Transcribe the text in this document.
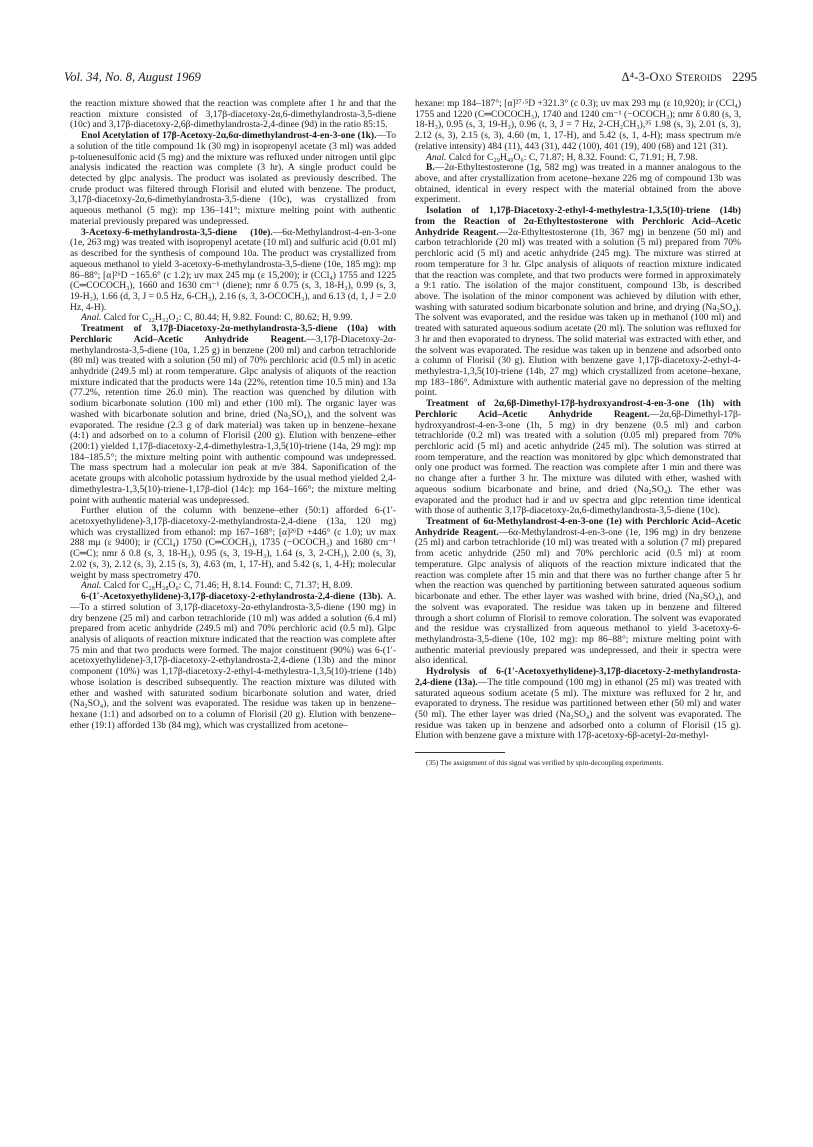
Vol. 34, No. 8, August 1969	Δ⁴-3-Oxo Steroids 2295

the reaction mixture showed that the reaction was complete after 1 hr and that the reaction mixture consisted of 3,17β-diacetoxy-2α,6-dimethylandrosta-3,5-diene (10c) and 3,17β-diacetoxy-2,6β-dimethylandrosta-2,4-dinee (9d) in the ratio 85:15.

Enol Acetylation of 17β-Acetoxy-2α,6α-dimethylandrost-4-en-3-one (1k).—To a solution of the title compound 1k (30 mg) in isopropenyl acetate (3 ml) was added p-toluenesulfonic acid (5 mg) and the mixture was refluxed under nitrogen until glpc analysis indicated the reaction was complete (3 hr). A single product could be detected by glpc analysis. The product was isolated as previously described. The crude product was filtered through Florisil and eluted with benzene. The product, 3,17β-diacetoxy-2α,6-dimethylandrosta-3,5-diene (10c), was crystallized from aqueous methanol (5 mg): mp 136–141°; mixture melting point with authentic material previously prepared was undepressed.

3-Acetoxy-6-methylandrosta-3,5-diene (10e).—6α-Methylandrost-4-en-3-one (1e, 263 mg) was treated with isopropenyl acetate (10 ml) and sulfuric acid (0.01 ml) as described for the synthesis of compound 10a. The product was crystallized from aqueous methanol to yield 3-acetoxy-6-methylandrosta-3,5-diene (10e, 185 mg): mp 86–88°; [α]²⁶D −165.6° (c 1.2); uv max 245 mμ (ε 15,200); ir (CCl₄) 1755 and 1225 (C═COCOCH₃), 1660 and 1630 cm⁻¹ (diene); nmr δ 0.75 (s, 3, 18-H₃), 0.99 (s, 3, 19-H₃), 1.66 (d, 3, J = 0.5 Hz, 6-CH₃), 2.16 (s, 3, 3-OCOCH₃), and 6.13 (d, 1, J = 2.0 Hz, 4-H).

Anal. Calcd for C₂₂H₃₂O₂: C, 80.44; H, 9.82. Found: C, 80.62; H, 9.99.

Treatment of 3,17β-Diacetoxy-2α-methylandrosta-3,5-diene (10a) with Perchloric Acid–Acetic Anhydride Reagent.—3,17β-Diacetoxy-2α-methylandrosta-3,5-diene (10a, 1.25 g) in benzene (200 ml) and carbon tetrachloride (80 ml) was treated with a solution (50 ml) of 70% perchloric acid (0.5 ml) in acetic anhydride (249.5 ml) at room temperature. Glpc analysis of aliquots of the reaction mixture indicated that the products were 14a (22%, retention time 10.5 min) and 13a (77.2%, retention time 26.0 min). The reaction was quenched by dilution with sodium bicarbonate solution (100 ml) and ether (100 ml). The organic layer was washed with bicarbonate solution and brine, dried (Na₂SO₄), and the solvent was evaporated. The residue (2.3 g of dark material) was taken up in benzene–hexane (4:1) and adsorbed on to a column of Florisil (200 g). Elution with benzene–ether (200:1) yielded 1,17β-diacetoxy-2,4-dimethylestra-1,3,5(10)-triene (14a, 29 mg): mp 184–185.5°; the mixture melting point with authentic compound was undepressed. The mass spectrum had a molecular ion peak at m/e 384. Saponification of the acetate groups with alcoholic potassium hydroxide by the usual method yielded 2,4-dimethylestra-1,3,5(10)-triene-1,17β-diol (14c): mp 164–166°; the mixture melting point with authentic material was undepressed.

Further elution of the column with benzene–ether (50:1) afforded 6-(1′-acetoxyethylidene)-3,17β-diacetoxy-2-methylandrosta-2,4-diene (13a, 120 mg) which was crystallized from ethanol: mp 167–168°; [α]²⁶D +446° (c 1.0); uv max 288 mμ (ε 9400); ir (CCl₄) 1750 (C═COCH₃), 1735 (−OCOCH₃) and 1680 cm⁻¹ (C═C); nmr δ 0.8 (s, 3, 18-H₃), 0.95 (s, 3, 19-H₃), 1.64 (s, 3, 2-CH₃), 2.00 (s, 3), 2.02 (s, 3), 2.12 (s, 3), 2.15 (s, 3), 4.63 (m, 1, 17-H), and 5.42 (s, 1, 4-H); molecular weight by mass spectrometry 470.

Anal. Calcd for C₂₈H₃₈O₆: C, 71.46; H, 8.14. Found: C, 71.37; H, 8.09.

6-(1′-Acetoxyethylidene)-3,17β-diacetoxy-2-ethylandrosta-2,4-diene (13b). A.—To a stirred solution of 3,17β-diacetoxy-2α-ethylandrosta-3,5-diene (190 mg) in dry benzene (25 ml) and carbon tetrachloride (10 ml) was added a solution (6.4 ml) prepared from acetic anhydride (249.5 ml) and 70% perchloric acid (0.5 ml). Glpc analysis of aliquots of reaction mixture indicated that the reaction was complete after 75 min and that two products were formed. The major constituent (90%) was 6-(1′-acetoxyethylidene)-3,17β-diacetoxy-2-ethylandrosta-2,4-diene (13b) and the minor component (10%) was 1,17β-diacetoxy-2-ethyl-4-methylestra-1,3,5(10)-triene (14b) whose isolation is described subsequently. The reaction mixture was diluted with ether and washed with saturated sodium bicarbonate solution and water, dried (Na₂SO₄), and the solvent was evaporated. The residue was taken up in benzene–hexane (1:1) and adsorbed on to a column of Florisil (20 g). Elution with benzene–ether (19:1) afforded 13b (84 mg), which was crystallized from acetone–

hexane: mp 184–187°; [α]²⁷·⁵D +321.3° (c 0.3); uv max 293 mμ (ε 10,920); ir (CCl₄) 1755 and 1220 (C═COCOCH₃), 1740 and 1240 cm⁻¹ (−OCOCH₃); nmr δ 0.80 (s, 3, 18-H₃), 0.95 (s, 3, 19-H₃), 0.96 (t, 3, J = 7 Hz, 2-CH₂CH₃),³⁵ 1.98 (s, 3), 2.01 (s, 3), 2.12 (s, 3), 2.15 (s, 3), 4.60 (m, 1, 17-H), and 5.42 (s, 1, 4-H); mass spectrum m/e (relative intensity) 484 (11), 443 (31), 442 (100), 401 (19), 400 (68) and 121 (31).

Anal. Calcd for C₂₉H₄₀O₆: C, 71.87; H, 8.32. Found: C, 71.91; H, 7.98.

B.—2α-Ethyltestosterone (1g, 582 mg) was treated in a manner analogous to the above, and after crystallization from acetone–hexane 226 mg of compound 13b was obtained, identical in every respect with the material obtained from the above experiment.

Isolation of 1,17β-Diacetoxy-2-ethyl-4-methylestra-1,3,5(10)-triene (14b) from the Reaction of 2α-Ethyltestosterone with Perchloric Acid–Acetic Anhydride Reagent.—2α-Ethyltestosterone (1b, 367 mg) in benzene (50 ml) and carbon tetrachloride (20 ml) was treated with a solution (5 ml) prepared from 70% perchloric acid (5 ml) and acetic anhydride (245 mg). The mixture was stirred at room temperature for 3 hr. Glpc analysis of aliquots of reaction mixture indicated that the reaction was complete, and that two products were formed in approximately a 9:1 ratio. The isolation of the major constituent, compound 13b, is described above. The isolation of the minor component was achieved by dilution with ether, washing with saturated sodium bicarbonate solution and brine, and drying (Na₂SO₄). The solvent was evaporated, and the residue was taken up in methanol (100 ml) and treated with saturated aqueous sodium acetate (20 ml). The solution was refluxed for 3 hr and then evaporated to dryness. The solid material was extracted with ether, and the solvent was evaporated. The residue was taken up in benzene and adsorbed onto a column of Florisil (30 g). Elution with benzene gave 1,17β-diacetoxy-2-ethyl-4-methylestra-1,3,5(10)-triene (14b, 27 mg) which crystallized from acetone–hexane, mp 183–186°. Admixture with authentic material gave no depression of the melting point.

Treatment of 2α,6β-Dimethyl-17β-hydroxyandrost-4-en-3-one (1h) with Perchloric Acid–Acetic Anhydride Reagent.—2α,6β-Dimethyl-17β-hydroxyandrost-4-en-3-one (1h, 5 mg) in dry benzene (0.5 ml) and carbon tetrachloride (0.2 ml) was treated with a solution (0.05 ml) prepared from 70% perchloric acid (5 ml) and acetic anhydride (245 ml). The solution was stirred at room temperature, and the reaction was monitored by glpc which demonstrated that only one product was formed. The reaction was complete after 1 min and there was no change after a further 3 hr. The mixture was diluted with ether, washed with aqueous sodium bicarbonate and brine, and dried (Na₂SO₄). The ether was evaporated and the product had ir and uv spectra and glpc retention time identical with those of authentic 3,17β-diacetoxy-2α,6-dimethylandrosta-3,5-diene (10c).

Treatment of 6α-Methylandrost-4-en-3-one (1e) with Perchloric Acid–Acetic Anhydride Reagent.—6α-Methylandrost-4-en-3-one (1e, 196 mg) in dry benzene (25 ml) and carbon tetrachloride (10 ml) was treated with a solution (7 ml) prepared from acetic anhydride (250 ml) and 70% perchloric acid (0.5 ml) at room temperature. Glpc analysis of aliquots of the reaction mixture indicated that the reaction was complete after 15 min and that there was no further change after 5 hr when the reaction was quenched by partitioning between saturated aqueous sodium bicarbonate and ether. The ether layer was washed with brine, dried (Na₂SO₄), and the solvent was evaporated. The residue was taken up in benzene and filtered through a short column of Florisil to remove coloration. The solvent was evaporated and the residue was crystallized from aqueous methanol to yield 3-acetoxy-6-methylandrosta-3,5-diene (10e, 102 mg): mp 86–88°; mixture melting point with authentic material previously prepared was undepressed, and their ir spectra were also identical.

Hydrolysis of 6-(1′-Acetoxyethylidene)-3,17β-diacetoxy-2-methylandrosta-2,4-diene (13a).—The title compound (100 mg) in ethanol (25 ml) was treated with saturated aqueous sodium acetate (5 ml). The mixture was refluxed for 2 hr, and evaporated to dryness. The residue was partitioned between ether (50 ml) and water (50 ml). The ether layer was dried (Na₂SO₄) and the solvent was evaporated. The residue was taken up in benzene and adsorbed onto a column of Florisil (15 g). Elution with benzene gave a mixture with 17β-acetoxy-6β-acetyl-2α-methyl-

(35) The assignment of this signal was verified by spin-decoupling experiments.
